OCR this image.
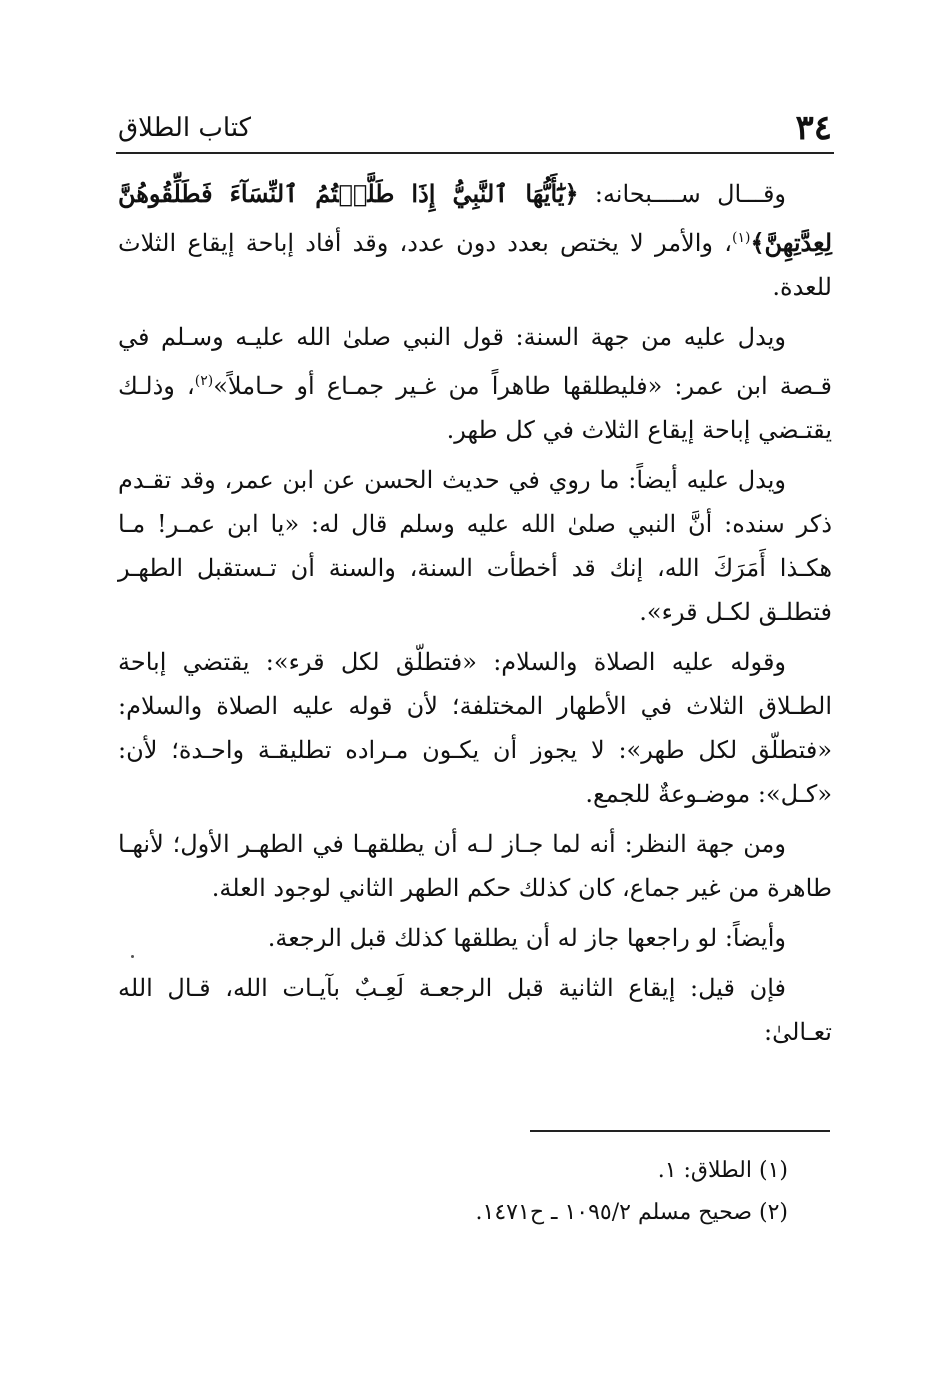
٣٤
كتاب الطلاق

وقـــال ســــبحانه: ﴿يَٰٓأَيُّهَا ٱلنَّبِيُّ إِذَا طَلَّقۡتُمُ ٱلنِّسَآءَ فَطَلِّقُوهُنَّ لِعِدَّتِهِنَّ﴾$^{(١)}$، والأمر لا يختص بعدد دون عدد، وقد أفاد إباحة إيقاع الثلاث للعدة.

ويدل عليه من جهة السنة: قول النبي صلىٰ الله عليـه وسـلم في قـصة ابن عمر: «فليطلقها طاهراً من غـير جمـاع أو حـاملاً»$^{(٢)}$، وذلـك يقتـضي إباحة إيقاع الثلاث في كل طهر.

ويدل عليه أيضاً: ما روي في حديث الحسن عن ابن عمر، وقد تقـدم ذكر سنده: أنَّ النبي صلىٰ الله عليه وسلم قال له: «يا ابن عمـر! مـا هكـذا أَمَرَكَ الله، إنك قد أخطأت السنة، والسنة أن تـستقبل الطهـر فتطلـق لكـل قرء».

وقوله عليه الصلاة والسلام: «فتطلّق لكل قرء»: يقتضي إباحة الطـلاق الثلاث في الأطهار المختلفة؛ لأن قوله عليه الصلاة والسلام: «فتطلّق لكل طهر»: لا يجوز أن يكـون مـراده تطليقـة واحـدة؛ لأن: «كـل»: موضـوعةٌ للجمع.

ومن جهة النظر: أنه لما جـاز لـه أن يطلقهـا في الطهـر الأول؛ لأنهـا طاهرة من غير جماع، كان كذلك حكم الطهر الثاني لوجود العلة.

وأيضاً: لو راجعها جاز له أن يطلقها كذلك قبل الرجعة.

فإن قيل: إيقاع الثانية قبل الرجعـة لَعِـبٌ بآيـات الله، قـال الله تعـالىٰ:

(١) الطلاق: ١.

(٢) صحيح مسلم ١٠٩٥/٢ ـ ح١٤٧١.
